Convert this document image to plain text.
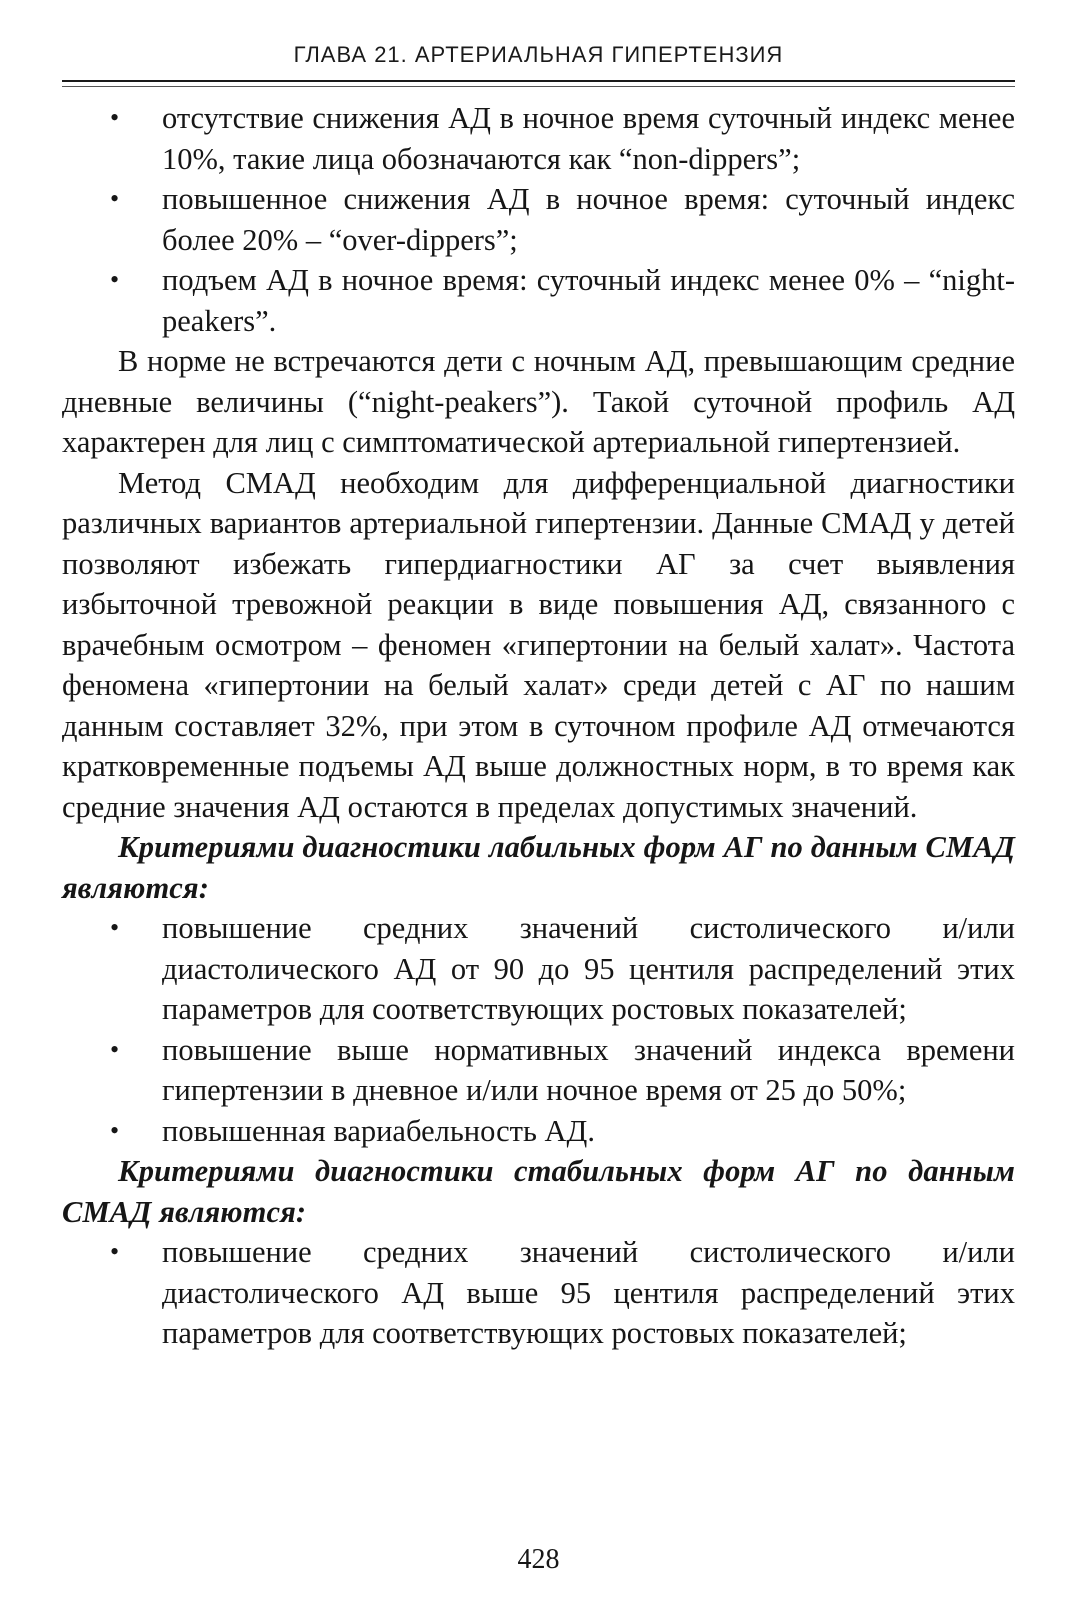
ГЛАВА 21. АРТЕРИАЛЬНАЯ ГИПЕРТЕНЗИЯ
• отсутствие снижения АД в ночное время суточный индекс менее 10%, такие лица обозначаются как “non-dippers”;
• повышенное снижения АД в ночное время: суточный индекс более 20% – “over-dippers”;
• подъем АД в ночное время: суточный индекс менее 0% – “night-peakers”.

В норме не встречаются дети с ночным АД, превышающим средние дневные величины (“night-peakers”). Такой суточной профиль АД характерен для лиц с симптоматической артериальной гипертензией.

Метод СМАД необходим для дифференциальной диагностики различных вариантов артериальной гипертензии. Данные СМАД у детей позволяют избежать гипердиагностики АГ за счет выявления избыточной тревожной реакции в виде повышения АД, связанного с врачебным осмотром – феномен «гипертонии на белый халат». Частота феномена «гипертонии на белый халат» среди детей с АГ по нашим данным составляет 32%, при этом в суточном профиле АД отмечаются кратковременные подъемы АД выше должностных норм, в то время как средние значения АД остаются в пределах допустимых значений.

Критериями диагностики лабильных форм АГ по данным СМАД являются:

• повышение средних значений систолического и/или диастолического АД от 90 до 95 центиля распределений этих параметров для соответствующих ростовых показателей;
• повышение выше нормативных значений индекса времени гипертензии в дневное и/или ночное время от 25 до 50%;
• повышенная вариабельность АД.

Критериями диагностики стабильных форм АГ по данным СМАД являются:

• повышение средних значений систолического и/или диастолического АД выше 95 центиля распределений этих параметров для соответствующих ростовых показателей;
428
